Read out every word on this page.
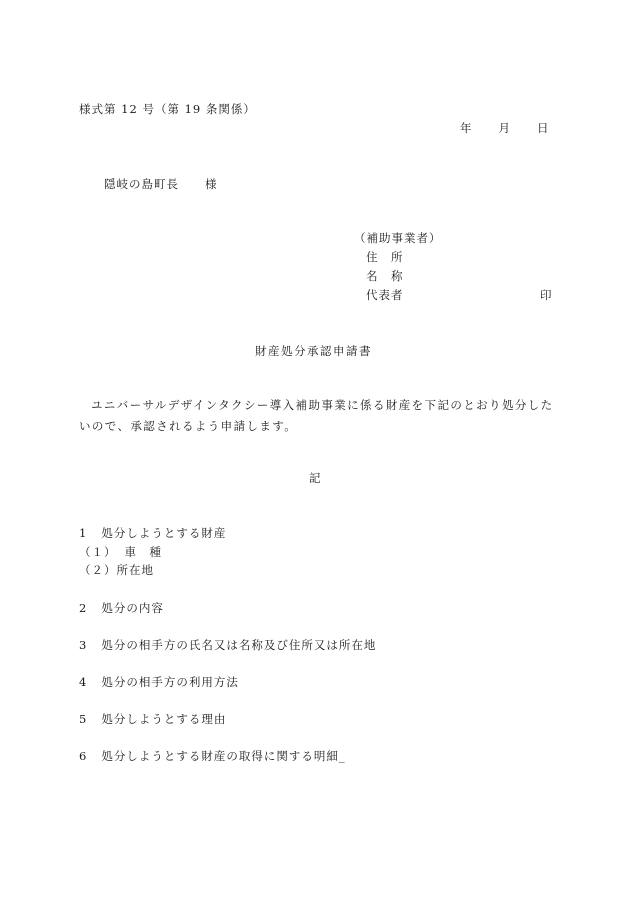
様式第 12 号（第 19 条関係）
年 月 日
隠岐の島町長 様
（補助事業者）
住　所
名　称
代表者	印
財産処分承認申請書
ユニバーサルデザインタクシー導入補助事業に係る財産を下記のとおり処分したいので、承認されるよう申請します。
記
1 処分しようとする財産
（１） 車　種
（２）所在地
2 処分の内容
3 処分の相手方の氏名又は名称及び住所又は所在地
4 処分の相手方の利用方法
5 処分しようとする理由
6 処分しようとする財産の取得に関する明細_
